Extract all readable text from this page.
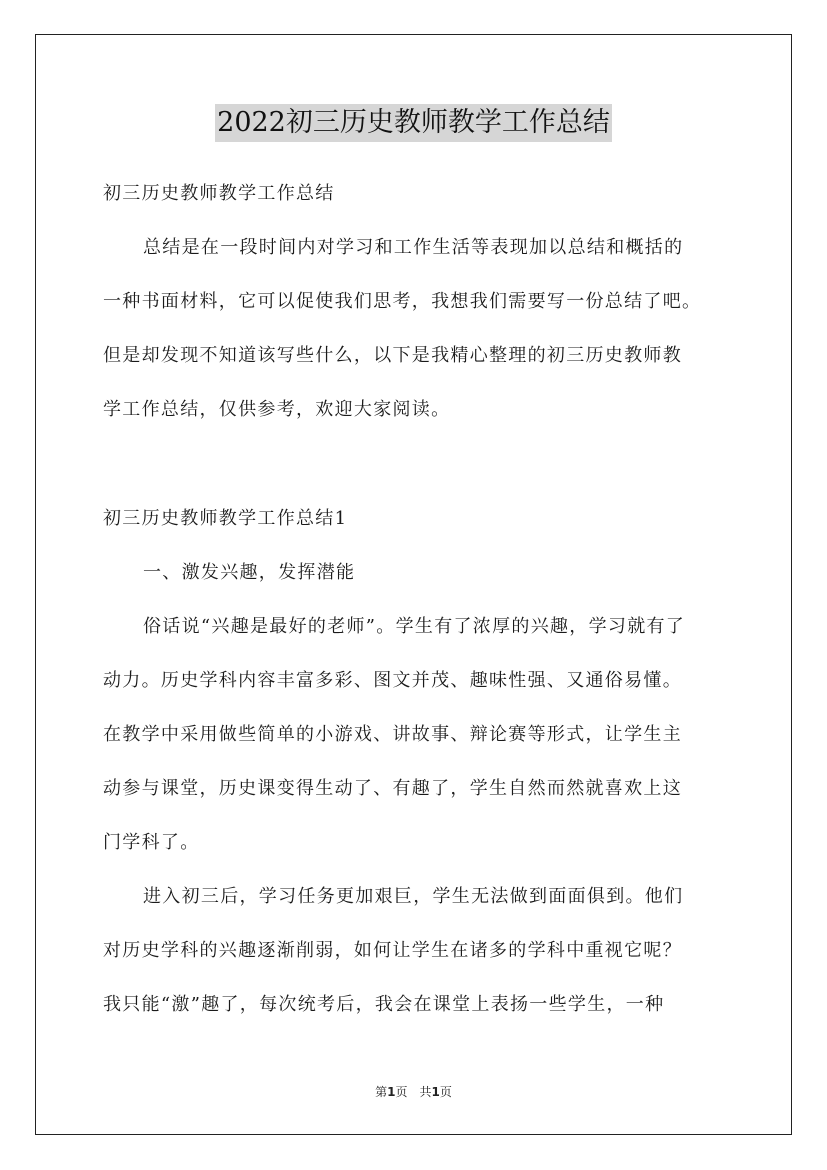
2022初三历史教师教学工作总结
初三历史教师教学工作总结
总结是在一段时间内对学习和工作生活等表现加以总结和概括的
一种书面材料，它可以促使我们思考，我想我们需要写一份总结了吧。
但是却发现不知道该写些什么，以下是我精心整理的初三历史教师教
学工作总结，仅供参考，欢迎大家阅读。
初三历史教师教学工作总结1
一、激发兴趣，发挥潜能
俗话说“兴趣是最好的老师”。学生有了浓厚的兴趣，学习就有了
动力。历史学科内容丰富多彩、图文并茂、趣味性强、又通俗易懂。
在教学中采用做些简单的小游戏、讲故事、辩论赛等形式，让学生主
动参与课堂，历史课变得生动了、有趣了，学生自然而然就喜欢上这
门学科了。
进入初三后，学习任务更加艰巨，学生无法做到面面俱到。他们
对历史学科的兴趣逐渐削弱，如何让学生在诸多的学科中重视它呢？
我只能“激”趣了，每次统考后，我会在课堂上表扬一些学生，一种
第1页　共1页
